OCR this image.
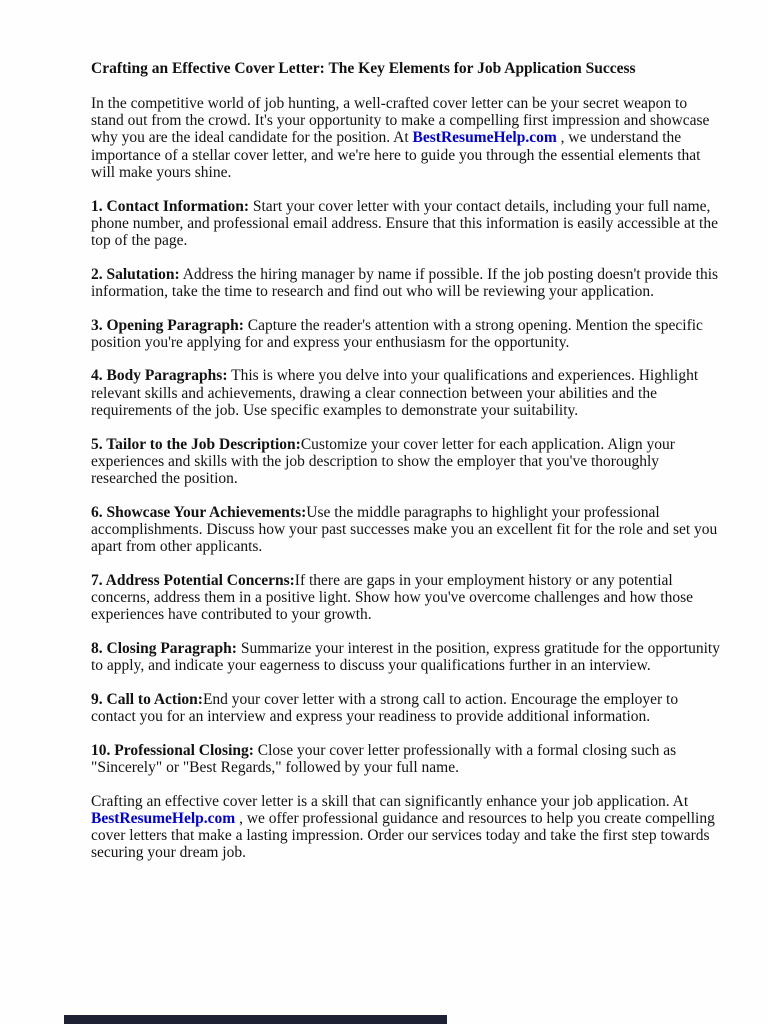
Crafting an Effective Cover Letter: The Key Elements for Job Application Success

In the competitive world of job hunting, a well-crafted cover letter can be your secret weapon to stand out from the crowd. It's your opportunity to make a compelling first impression and showcase why you are the ideal candidate for the position. At BestResumeHelp.com , we understand the importance of a stellar cover letter, and we're here to guide you through the essential elements that will make yours shine.

1. Contact Information: Start your cover letter with your contact details, including your full name, phone number, and professional email address. Ensure that this information is easily accessible at the top of the page.

2. Salutation: Address the hiring manager by name if possible. If the job posting doesn't provide this information, take the time to research and find out who will be reviewing your application.

3. Opening Paragraph: Capture the reader's attention with a strong opening. Mention the specific position you're applying for and express your enthusiasm for the opportunity.

4. Body Paragraphs: This is where you delve into your qualifications and experiences. Highlight relevant skills and achievements, drawing a clear connection between your abilities and the requirements of the job. Use specific examples to demonstrate your suitability.

5. Tailor to the Job Description:Customize your cover letter for each application. Align your experiences and skills with the job description to show the employer that you've thoroughly researched the position.

6. Showcase Your Achievements:Use the middle paragraphs to highlight your professional accomplishments. Discuss how your past successes make you an excellent fit for the role and set you apart from other applicants.

7. Address Potential Concerns:If there are gaps in your employment history or any potential concerns, address them in a positive light. Show how you've overcome challenges and how those experiences have contributed to your growth.

8. Closing Paragraph: Summarize your interest in the position, express gratitude for the opportunity to apply, and indicate your eagerness to discuss your qualifications further in an interview.

9. Call to Action:End your cover letter with a strong call to action. Encourage the employer to contact you for an interview and express your readiness to provide additional information.

10. Professional Closing: Close your cover letter professionally with a formal closing such as "Sincerely" or "Best Regards," followed by your full name.

Crafting an effective cover letter is a skill that can significantly enhance your job application. At BestResumeHelp.com , we offer professional guidance and resources to help you create compelling cover letters that make a lasting impression. Order our services today and take the first step towards securing your dream job.
